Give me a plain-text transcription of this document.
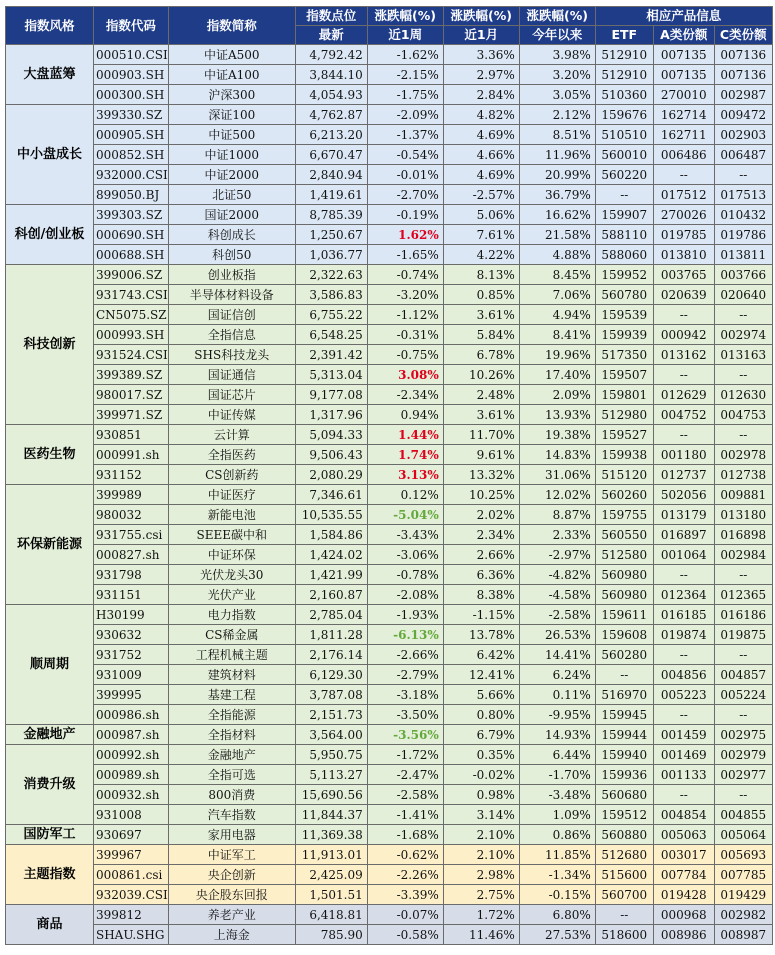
指数风格	指数代码	指数简称	指数点位	涨跌幅(%)	涨跌幅(%)	涨跌幅(%)	相应产品信息		
			最新	近1周	近1月	今年以来	ETF	A类份额	C类份额
大盘蓝筹	000510.CSI	中证A500	4,792.42	-1.62%	3.36%	3.98%	512910	007135	007136
	000903.SH	中证A100	3,844.10	-2.15%	2.97%	3.20%	512910	007135	007136
	000300.SH	沪深300	4,054.93	-1.75%	2.84%	3.05%	510360	270010	002987
中小盘成长	399330.SZ	深证100	4,762.87	-2.09%	4.82%	2.12%	159676	162714	009472
	000905.SH	中证500	6,213.20	-1.37%	4.69%	8.51%	510510	162711	002903
	000852.SH	中证1000	6,670.47	-0.54%	4.66%	11.96%	560010	006486	006487
	932000.CSI	中证2000	2,840.94	-0.01%	4.69%	20.99%	560220	--	--
	899050.BJ	北证50	1,419.61	-2.70%	-2.57%	36.79%	--	017512	017513
科创/创业板	399303.SZ	国证2000	8,785.39	-0.19%	5.06%	16.62%	159907	270026	010432
	000690.SH	科创成长	1,250.67	1.62%	7.61%	21.58%	588110	019785	019786
	000688.SH	科创50	1,036.77	-1.65%	4.22%	4.88%	588060	013810	013811
科技创新	399006.SZ	创业板指	2,322.63	-0.74%	8.13%	8.45%	159952	003765	003766
	931743.CSI	半导体材料设备	3,586.83	-3.20%	0.85%	7.06%	560780	020639	020640
	CN5075.SZ	国证信创	6,755.22	-1.12%	3.61%	4.94%	159539	--	--
	000993.SH	全指信息	6,548.25	-0.31%	5.84%	8.41%	159939	000942	002974
	931524.CSI	SHS科技龙头	2,391.42	-0.75%	6.78%	19.96%	517350	013162	013163
	399389.SZ	国证通信	5,313.04	3.08%	10.26%	17.40%	159507	--	--
	980017.SZ	国证芯片	9,177.08	-2.34%	2.48%	2.09%	159801	012629	012630
	399971.SZ	中证传媒	1,317.96	0.94%	3.61%	13.93%	512980	004752	004753
医药生物	930851	云计算	5,094.33	1.44%	11.70%	19.38%	159527	--	--
	000991.sh	全指医药	9,506.43	1.74%	9.61%	14.83%	159938	001180	002978
	931152	CS创新药	2,080.29	3.13%	13.32%	31.06%	515120	012737	012738
环保新能源	399989	中证医疗	7,346.61	0.12%	10.25%	12.02%	560260	502056	009881
	980032	新能电池	10,535.55	-5.04%	2.02%	8.87%	159755	013179	013180
	931755.csi	SEEE碳中和	1,584.86	-3.43%	2.34%	2.33%	560550	016897	016898
	000827.sh	中证环保	1,424.02	-3.06%	2.66%	-2.97%	512580	001064	002984
	931798	光伏龙头30	1,421.99	-0.78%	6.36%	-4.82%	560980	--	--
	931151	光伏产业	2,160.87	-2.08%	8.38%	-4.58%	560980	012364	012365
顺周期	H30199	电力指数	2,785.04	-1.93%	-1.15%	-2.58%	159611	016185	016186
	930632	CS稀金属	1,811.28	-6.13%	13.78%	26.53%	159608	019874	019875
	931752	工程机械主题	2,176.14	-2.66%	6.42%	14.41%	560280	--	--
	931009	建筑材料	6,129.30	-2.79%	12.41%	6.24%	--	004856	004857
	399995	基建工程	3,787.08	-3.18%	5.66%	0.11%	516970	005223	005224
	000986.sh	全指能源	2,151.73	-3.50%	0.80%	-9.95%	159945	--	--
金融地产	000987.sh	全指材料	3,564.00	-3.56%	6.79%	14.93%	159944	001459	002975
消费升级	000992.sh	金融地产	5,950.75	-1.72%	0.35%	6.44%	159940	001469	002979
	000989.sh	全指可选	5,113.27	-2.47%	-0.02%	-1.70%	159936	001133	002977
	000932.sh	800消费	15,690.56	-2.58%	0.98%	-3.48%	560680	--	--
	931008	汽车指数	11,844.37	-1.41%	3.14%	1.09%	159512	004854	004855
国防军工	930697	家用电器	11,369.38	-1.68%	2.10%	0.86%	560880	005063	005064
主题指数	399967	中证军工	11,913.01	-0.62%	2.10%	11.85%	512680	003017	005693
	000861.csi	央企创新	2,425.09	-2.26%	2.98%	-1.34%	515600	007784	007785
	932039.CSI	央企股东回报	1,501.51	-3.39%	2.75%	-0.15%	560700	019428	019429
商品	399812	养老产业	6,418.81	-0.07%	1.72%	6.80%	--	000968	002982
	SHAU.SHG	上海金	785.90	-0.58%	11.46%	27.53%	518600	008986	008987
